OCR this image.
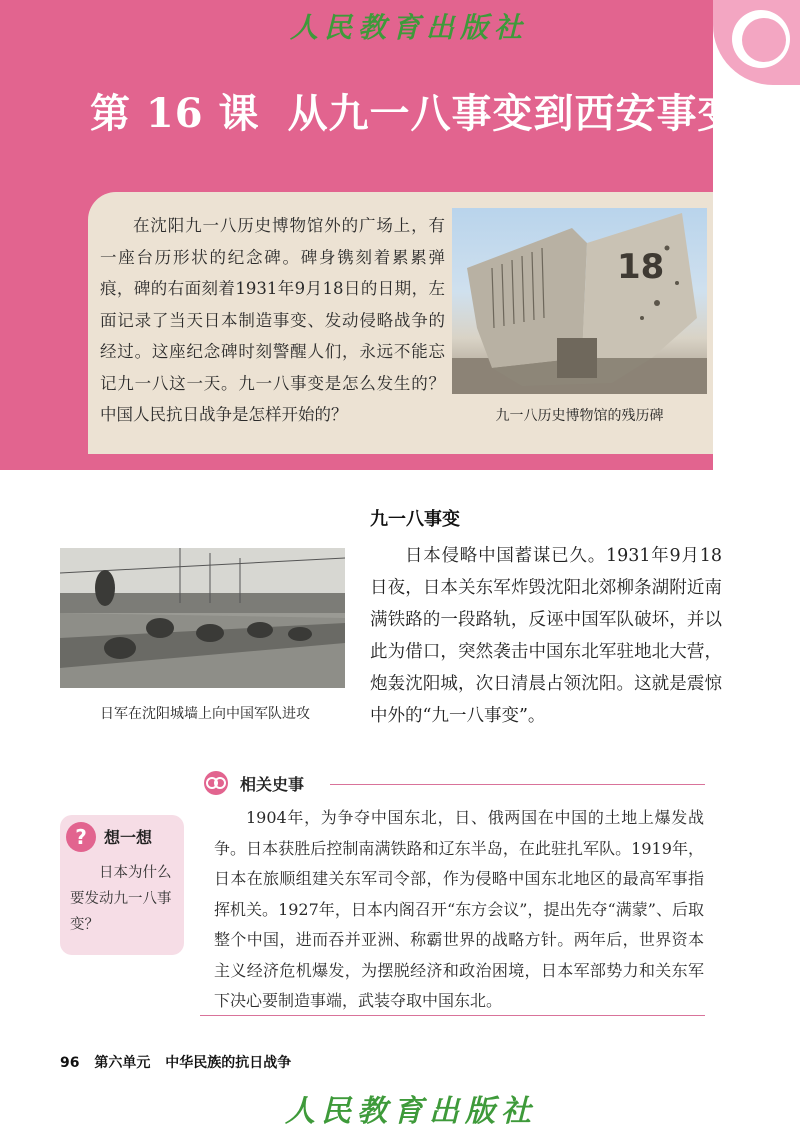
人民教育出版社
第 16 课 从九一八事变到西安事变
在沈阳九一八历史博物馆外的广场上，有一座台历形状的纪念碑。碑身镌刻着累累弹痕，碑的右面刻着1931年9月18日的日期，左面记录了当天日本制造事变、发动侵略战争的经过。这座纪念碑时刻警醒人们，永远不能忘记九一八这一天。九一八事变是怎么发生的？中国人民抗日战争是怎样开始的？
18
九一八历史博物馆的残历碑
九一八事变
日本侵略中国蓄谋已久。1931年9月18日夜，日本关东军炸毁沈阳北郊柳条湖附近南满铁路的一段路轨，反诬中国军队破坏，并以此为借口，突然袭击中国东北军驻地北大营，炮轰沈阳城，次日清晨占领沈阳。这就是震惊中外的“九一八事变”。
日军在沈阳城墙上向中国军队进攻
相关史事
1904年，为争夺中国东北，日、俄两国在中国的土地上爆发战争。日本获胜后控制南满铁路和辽东半岛，在此驻扎军队。1919年，日本在旅顺组建关东军司令部，作为侵略中国东北地区的最高军事指挥机关。1927年，日本内阁召开“东方会议”，提出先夺“满蒙”、后取整个中国，进而吞并亚洲、称霸世界的战略方针。两年后，世界资本主义经济危机爆发，为摆脱经济和政治困境，日本军部势力和关东军下决心要制造事端，武装夺取中国东北。
?	想一想
日本为什么要发动九一八事变？
96 第六单元 中华民族的抗日战争
人民教育出版社
